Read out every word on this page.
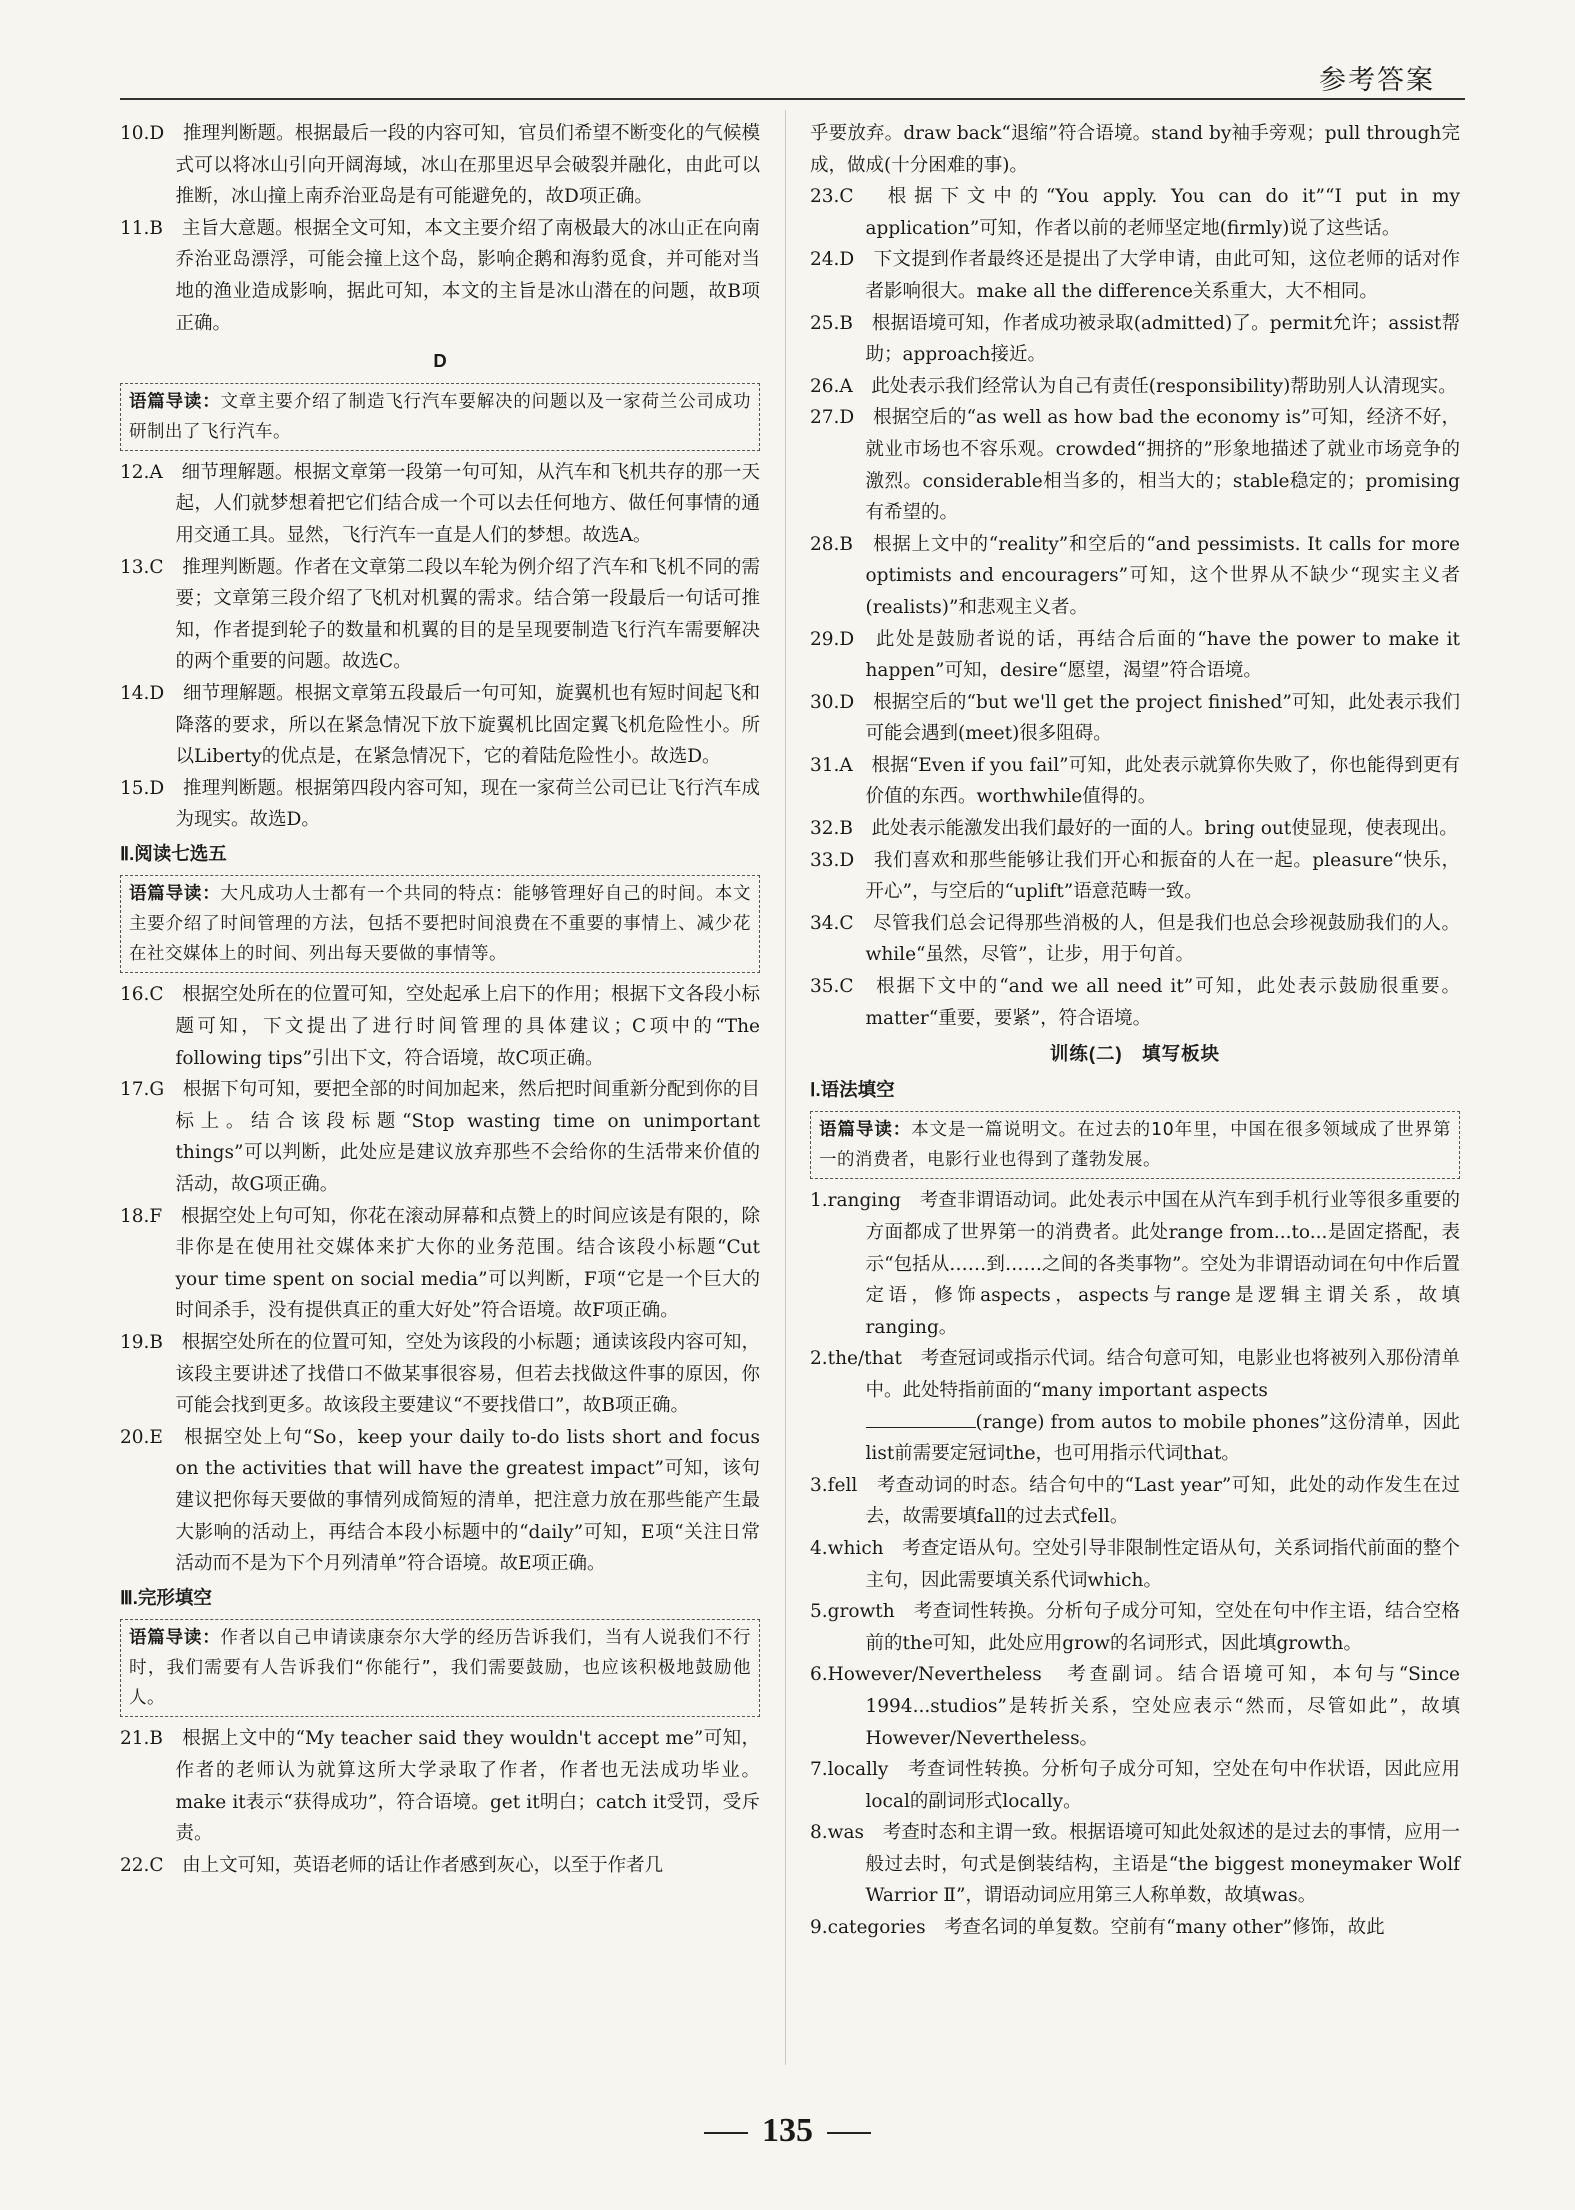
参考答案

10.D　推理判断题。根据最后一段的内容可知，官员们希望不断变化的气候模式可以将冰山引向开阔海域，冰山在那里迟早会破裂并融化，由此可以推断，冰山撞上南乔治亚岛是有可能避免的，故D项正确。

11.B　主旨大意题。根据全文可知，本文主要介绍了南极最大的冰山正在向南乔治亚岛漂浮，可能会撞上这个岛，影响企鹅和海豹觅食，并可能对当地的渔业造成影响，据此可知，本文的主旨是冰山潜在的问题，故B项正确。

D
语篇导读：文章主要介绍了制造飞行汽车要解决的问题以及一家荷兰公司成功研制出了飞行汽车。

12.A　细节理解题。根据文章第一段第一句可知，从汽车和飞机共存的那一天起，人们就梦想着把它们结合成一个可以去任何地方、做任何事情的通用交通工具。显然，飞行汽车一直是人们的梦想。故选A。

13.C　推理判断题。作者在文章第二段以车轮为例介绍了汽车和飞机不同的需要；文章第三段介绍了飞机对机翼的需求。结合第一段最后一句话可推知，作者提到轮子的数量和机翼的目的是呈现要制造飞行汽车需要解决的两个重要的问题。故选C。

14.D　细节理解题。根据文章第五段最后一句可知，旋翼机也有短时间起飞和降落的要求，所以在紧急情况下放下旋翼机比固定翼飞机危险性小。所以Liberty的优点是，在紧急情况下，它的着陆危险性小。故选D。

15.D　推理判断题。根据第四段内容可知，现在一家荷兰公司已让飞行汽车成为现实。故选D。

Ⅱ.阅读七选五
语篇导读：大凡成功人士都有一个共同的特点：能够管理好自己的时间。本文主要介绍了时间管理的方法，包括不要把时间浪费在不重要的事情上、减少花在社交媒体上的时间、列出每天要做的事情等。

16.C　根据空处所在的位置可知，空处起承上启下的作用；根据下文各段小标题可知，下文提出了进行时间管理的具体建议；C项中的“The following tips”引出下文，符合语境，故C项正确。

17.G　根据下句可知，要把全部的时间加起来，然后把时间重新分配到你的目标上。结合该段标题“Stop wasting time on unimportant things”可以判断，此处应是建议放弃那些不会给你的生活带来价值的活动，故G项正确。

18.F　根据空处上句可知，你花在滚动屏幕和点赞上的时间应该是有限的，除非你是在使用社交媒体来扩大你的业务范围。结合该段小标题“Cut your time spent on social media”可以判断，F项“它是一个巨大的时间杀手，没有提供真正的重大好处”符合语境。故F项正确。

19.B　根据空处所在的位置可知，空处为该段的小标题；通读该段内容可知，该段主要讲述了找借口不做某事很容易，但若去找做这件事的原因，你可能会找到更多。故该段主要建议“不要找借口”，故B项正确。

20.E　根据空处上句“So，keep your daily to-do lists short and focus on the activities that will have the greatest impact”可知，该句建议把你每天要做的事情列成简短的清单，把注意力放在那些能产生最大影响的活动上，再结合本段小标题中的“daily”可知，E项“关注日常活动而不是为下个月列清单”符合语境。故E项正确。

Ⅲ.完形填空
语篇导读：作者以自己申请读康奈尔大学的经历告诉我们，当有人说我们不行时，我们需要有人告诉我们“你能行”，我们需要鼓励，也应该积极地鼓励他人。

21.B　根据上文中的“My teacher said they wouldn't accept me”可知，作者的老师认为就算这所大学录取了作者，作者也无法成功毕业。make it表示“获得成功”，符合语境。get it明白；catch it受罚，受斥责。

22.C　由上文可知，英语老师的话让作者感到灰心，以至于作者几

乎要放弃。draw back“退缩”符合语境。stand by袖手旁观；pull through完成，做成(十分困难的事)。

23.C　根据下文中的“You apply. You can do it”“I put in my application”可知，作者以前的老师坚定地(firmly)说了这些话。

24.D　下文提到作者最终还是提出了大学申请，由此可知，这位老师的话对作者影响很大。make all the difference关系重大，大不相同。

25.B　根据语境可知，作者成功被录取(admitted)了。permit允许；assist帮助；approach接近。

26.A　此处表示我们经常认为自己有责任(responsibility)帮助别人认清现实。

27.D　根据空后的“as well as how bad the economy is”可知，经济不好，就业市场也不容乐观。crowded“拥挤的”形象地描述了就业市场竞争的激烈。considerable相当多的，相当大的；stable稳定的；promising有希望的。

28.B　根据上文中的“reality”和空后的“and pessimists. It calls for more optimists and encouragers”可知，这个世界从不缺少“现实主义者(realists)”和悲观主义者。

29.D　此处是鼓励者说的话，再结合后面的“have the power to make it happen”可知，desire“愿望，渴望”符合语境。

30.D　根据空后的“but we'll get the project finished”可知，此处表示我们可能会遇到(meet)很多阻碍。

31.A　根据“Even if you fail”可知，此处表示就算你失败了，你也能得到更有价值的东西。worthwhile值得的。

32.B　此处表示能激发出我们最好的一面的人。bring out使显现，使表现出。

33.D　我们喜欢和那些能够让我们开心和振奋的人在一起。pleasure“快乐，开心”，与空后的“uplift”语意范畴一致。

34.C　尽管我们总会记得那些消极的人，但是我们也总会珍视鼓励我们的人。while“虽然，尽管”，让步，用于句首。

35.C　根据下文中的“and we all need it”可知，此处表示鼓励很重要。matter“重要，要紧”，符合语境。

训练(二)　填写板块
Ⅰ.语法填空
语篇导读：本文是一篇说明文。在过去的10年里，中国在很多领域成了世界第一的消费者，电影行业也得到了蓬勃发展。

1.ranging　考查非谓语动词。此处表示中国在从汽车到手机行业等很多重要的方面都成了世界第一的消费者。此处range from...to...是固定搭配，表示“包括从……到……之间的各类事物”。空处为非谓语动词在句中作后置定语，修饰aspects，aspects与range是逻辑主谓关系，故填ranging。

2.the/that　考查冠词或指示代词。结合句意可知，电影业也将被列入那份清单中。此处特指前面的“many important aspects
(range) from autos to mobile phones”这份清单，因此list前需要定冠词the，也可用指示代词that。

3.fell　考查动词的时态。结合句中的“Last year”可知，此处的动作发生在过去，故需要填fall的过去式fell。

4.which　考查定语从句。空处引导非限制性定语从句，关系词指代前面的整个主句，因此需要填关系代词which。

5.growth　考查词性转换。分析句子成分可知，空处在句中作主语，结合空格前的the可知，此处应用grow的名词形式，因此填growth。

6.However/Nevertheless　考查副词。结合语境可知，本句与“Since 1994...studios”是转折关系，空处应表示“然而，尽管如此”，故填However/Nevertheless。

7.locally　考查词性转换。分析句子成分可知，空处在句中作状语，因此应用local的副词形式locally。

8.was　考查时态和主谓一致。根据语境可知此处叙述的是过去的事情，应用一般过去时，句式是倒装结构，主语是“the biggest moneymaker Wolf Warrior Ⅱ”，谓语动词应用第三人称单数，故填was。

9.categories　考查名词的单复数。空前有“many other”修饰，故此

135
